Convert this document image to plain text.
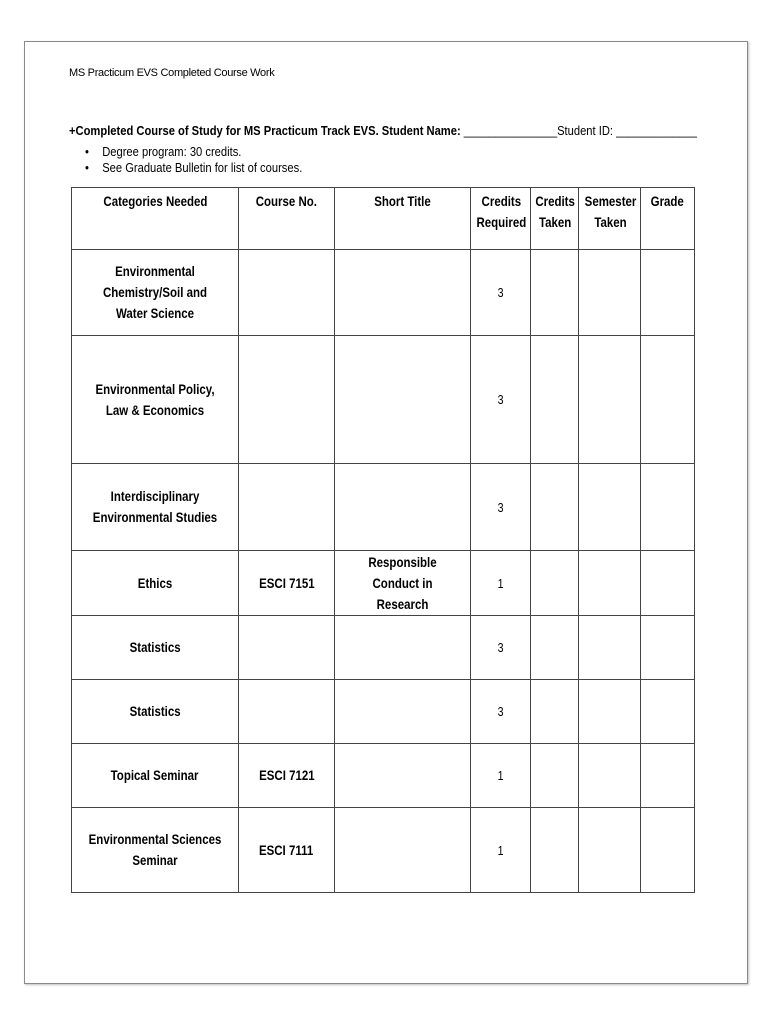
MS Practicum EVS Completed Course Work
+Completed Course of Study for MS Practicum Track EVS. Student Name: _______________Student ID: _____________
• Degree program: 30 credits.
• See Graduate Bulletin for list of courses.
Categories Needed	Course No.	Short Title	Credits Required	Credits Taken	Semester Taken	Grade
Environmental Chemistry/Soil and Water Science			3			
Environmental Policy, Law & Economics			3			
Interdisciplinary Environmental Studies			3			
Ethics	ESCI 7151	Responsible Conduct in Research	1			
Statistics			3			
Statistics			3			
Topical Seminar	ESCI 7121		1			
Environmental Sciences Seminar	ESCI 7111		1			
